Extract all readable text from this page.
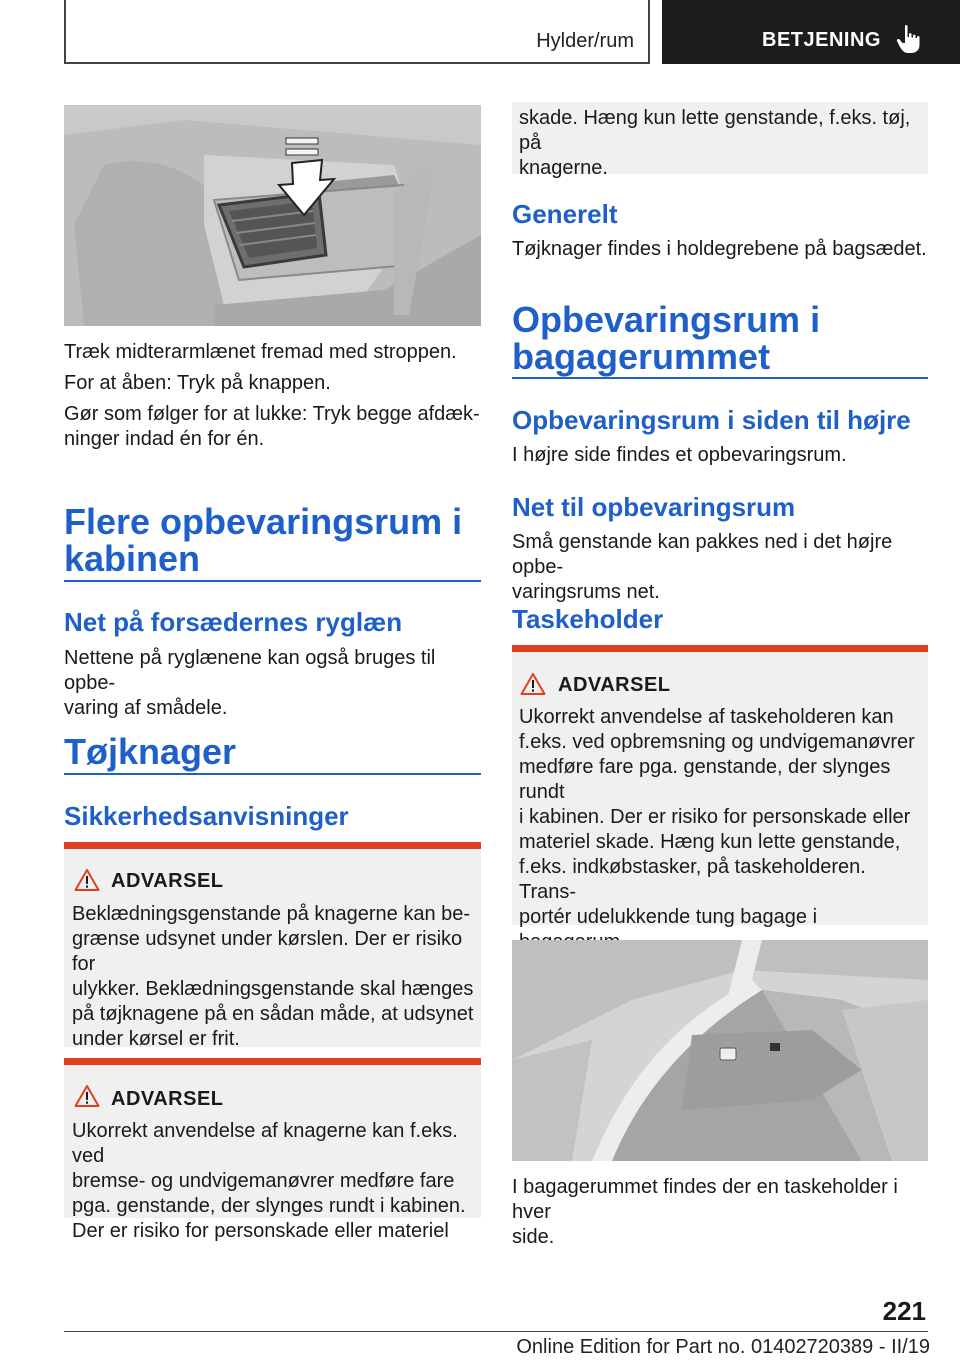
Hylder/rum	BETJENING
Træk midterarmlænet fremad med stroppen.
For at åben: Tryk på knappen.
Gør som følger for at lukke: Tryk begge afdæk-
ninger indad én for én.
Flere opbevaringsrum i
kabinen
Net på forsædernes ryglæn
Nettene på ryglænene kan også bruges til opbe-
varing af smådele.
Tøjknager
Sikkerhedsanvisninger
ADVARSEL
Beklædningsgenstande på knagerne kan be-
grænse udsynet under kørslen. Der er risiko for
ulykker. Beklædningsgenstande skal hænges
på tøjknagene på en sådan måde, at udsynet
under kørsel er frit.
ADVARSEL
Ukorrekt anvendelse af knagerne kan f.eks. ved
bremse- og undvigemanøvrer medføre fare
pga. genstande, der slynges rundt i kabinen.
Der er risiko for personskade eller materiel
skade. Hæng kun lette genstande, f.eks. tøj, på
knagerne.
Generelt
Tøjknager findes i holdegrebene på bagsædet.
Opbevaringsrum i
bagagerummet
Opbevaringsrum i siden til højre
I højre side findes et opbevaringsrum.
Net til opbevaringsrum
Små genstande kan pakkes ned i det højre opbe-
varingsrums net.
Taskeholder
ADVARSEL
Ukorrekt anvendelse af taskeholderen kan
f.eks. ved opbremsning og undvigemanøvrer
medføre fare pga. genstande, der slynges rundt
i kabinen. Der er risiko for personskade eller
materiel skade. Hæng kun lette genstande,
f.eks. indkøbstasker, på taskeholderen. Trans-
portér udelukkende tung bagage i
I bagagerummet findes der en taskeholder i hver
side.
221
Online Edition for Part no. 01402720389 - II/19
